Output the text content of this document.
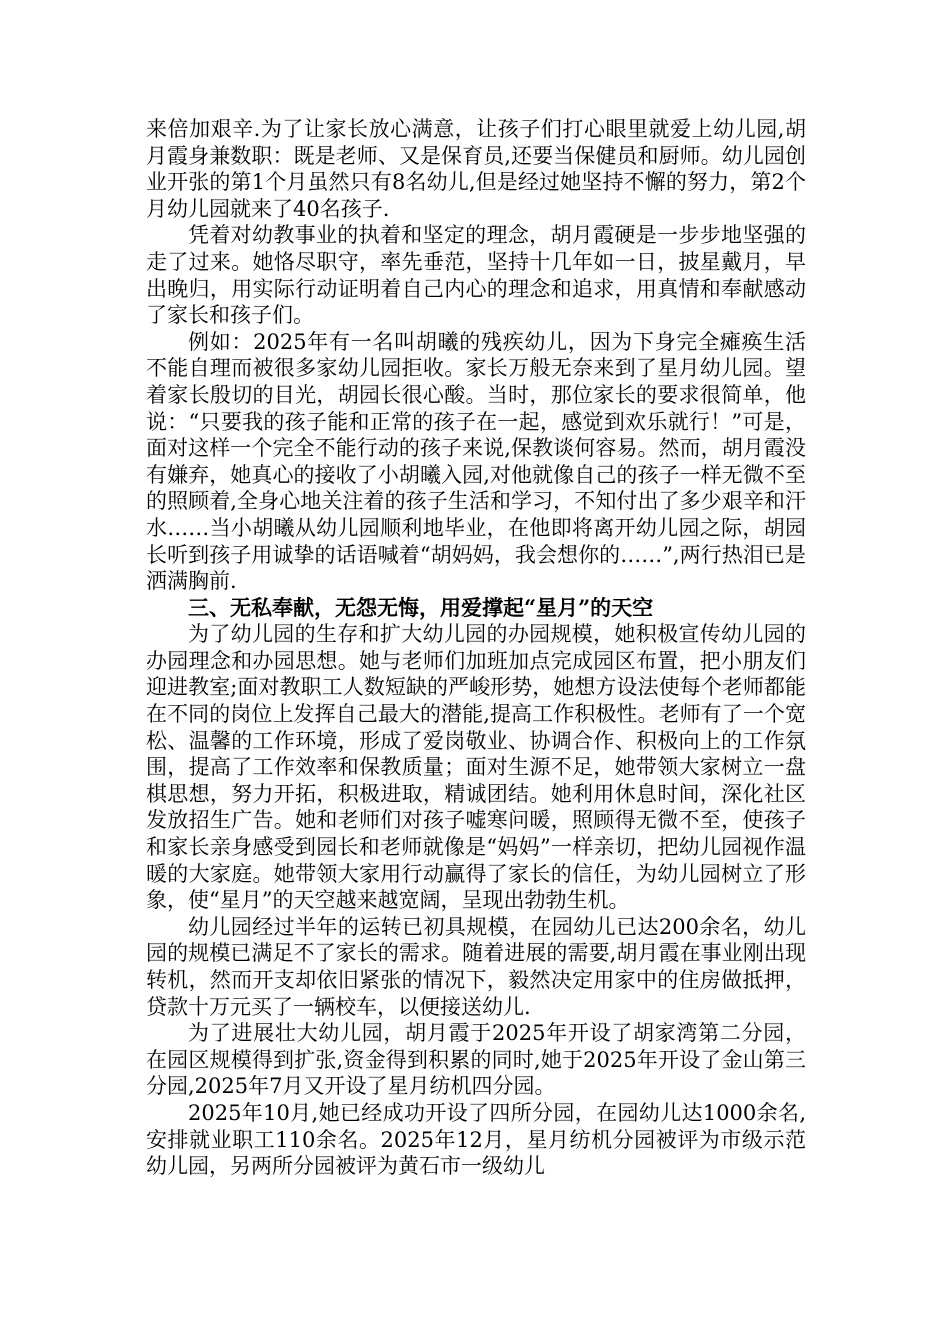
来倍加艰辛.为了让家长放心满意，让孩子们打心眼里就爱上幼儿园,胡月霞身兼数职：既是老师、又是保育员,还要当保健员和厨师。幼儿园创业开张的第1个月虽然只有8名幼儿,但是经过她坚持不懈的努力，第2个月幼儿园就来了40名孩子.

凭着对幼教事业的执着和坚定的理念，胡月霞硬是一步步地坚强的走了过来。她恪尽职守，率先垂范，坚持十几年如一日，披星戴月，早出晚归，用实际行动证明着自己内心的理念和追求，用真情和奉献感动了家长和孩子们。

例如：2025年有一名叫胡曦的残疾幼儿，因为下身完全瘫痪生活不能自理而被很多家幼儿园拒收。家长万般无奈来到了星月幼儿园。望着家长殷切的目光，胡园长很心酸。当时，那位家长的要求很简单，他说：“只要我的孩子能和正常的孩子在一起，感觉到欢乐就行！”可是，面对这样一个完全不能行动的孩子来说,保教谈何容易。然而，胡月霞没有嫌弃，她真心的接收了小胡曦入园,对他就像自己的孩子一样无微不至的照顾着,全身心地关注着的孩子生活和学习，不知付出了多少艰辛和汗水……当小胡曦从幼儿园顺利地毕业，在他即将离开幼儿园之际，胡园长听到孩子用诚挚的话语喊着“胡妈妈，我会想你的……”,两行热泪已是洒满胸前.

三、无私奉献，无怨无悔，用爱撑起“星月”的天空

为了幼儿园的生存和扩大幼儿园的办园规模，她积极宣传幼儿园的办园理念和办园思想。她与老师们加班加点完成园区布置，把小朋友们迎进教室;面对教职工人数短缺的严峻形势，她想方设法使每个老师都能在不同的岗位上发挥自己最大的潜能,提高工作积极性。老师有了一个宽松、温馨的工作环境，形成了爱岗敬业、协调合作、积极向上的工作氛围，提高了工作效率和保教质量；面对生源不足，她带领大家树立一盘棋思想，努力开拓，积极进取，精诚团结。她利用休息时间，深化社区发放招生广告。她和老师们对孩子嘘寒问暖，照顾得无微不至，使孩子和家长亲身感受到园长和老师就像是“妈妈”一样亲切，把幼儿园视作温暖的大家庭。她带领大家用行动赢得了家长的信任，为幼儿园树立了形象，使“星月”的天空越来越宽阔，呈现出勃勃生机。

幼儿园经过半年的运转已初具规模，在园幼儿已达200余名，幼儿园的规模已满足不了家长的需求。随着进展的需要,胡月霞在事业刚出现转机，然而开支却依旧紧张的情况下，毅然决定用家中的住房做抵押，贷款十万元买了一辆校车，以便接送幼儿.

为了进展壮大幼儿园，胡月霞于2025年开设了胡家湾第二分园，在园区规模得到扩张,资金得到积累的同时,她于2025年开设了金山第三分园,2025年7月又开设了星月纺机四分园。

2025年10月,她已经成功开设了四所分园，在园幼儿达1000余名,安排就业职工110余名。2025年12月，星月纺机分园被评为市级示范幼儿园，另两所分园被评为黄石市一级幼儿
